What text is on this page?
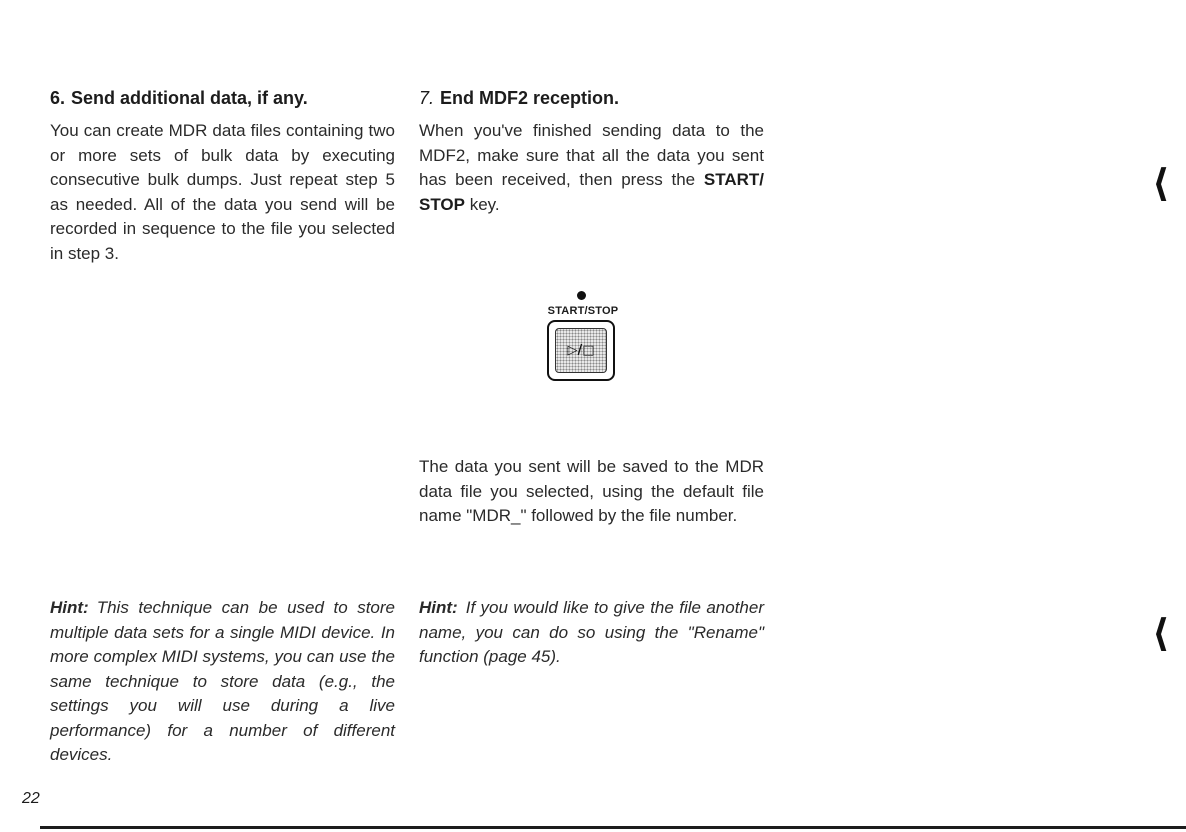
6. Send additional data, if any.

You can create MDR data files containing two or more sets of bulk data by executing consecutive bulk dumps. Just repeat step 5 as needed. All of the data you send will be recorded in sequence to the file you selected in step 3.

Hint: This technique can be used to store multiple data sets for a single MIDI device. In more complex MIDI systems, you can use the same technique to store data (e.g., the settings you will use during a live performance) for a number of different devices.

7. End MDF2 reception.

When you've finished sending data to the MDF2, make sure that all the data you sent has been received, then press the START/ STOP key.

START/STOP
▷/□

The data you sent will be saved to the MDR data file you selected, using the default file name "MDR_" followed by the file number.

Hint: If you would like to give the file another name, you can do so using the "Rename" function (page 45).

⟨
⟨
22
